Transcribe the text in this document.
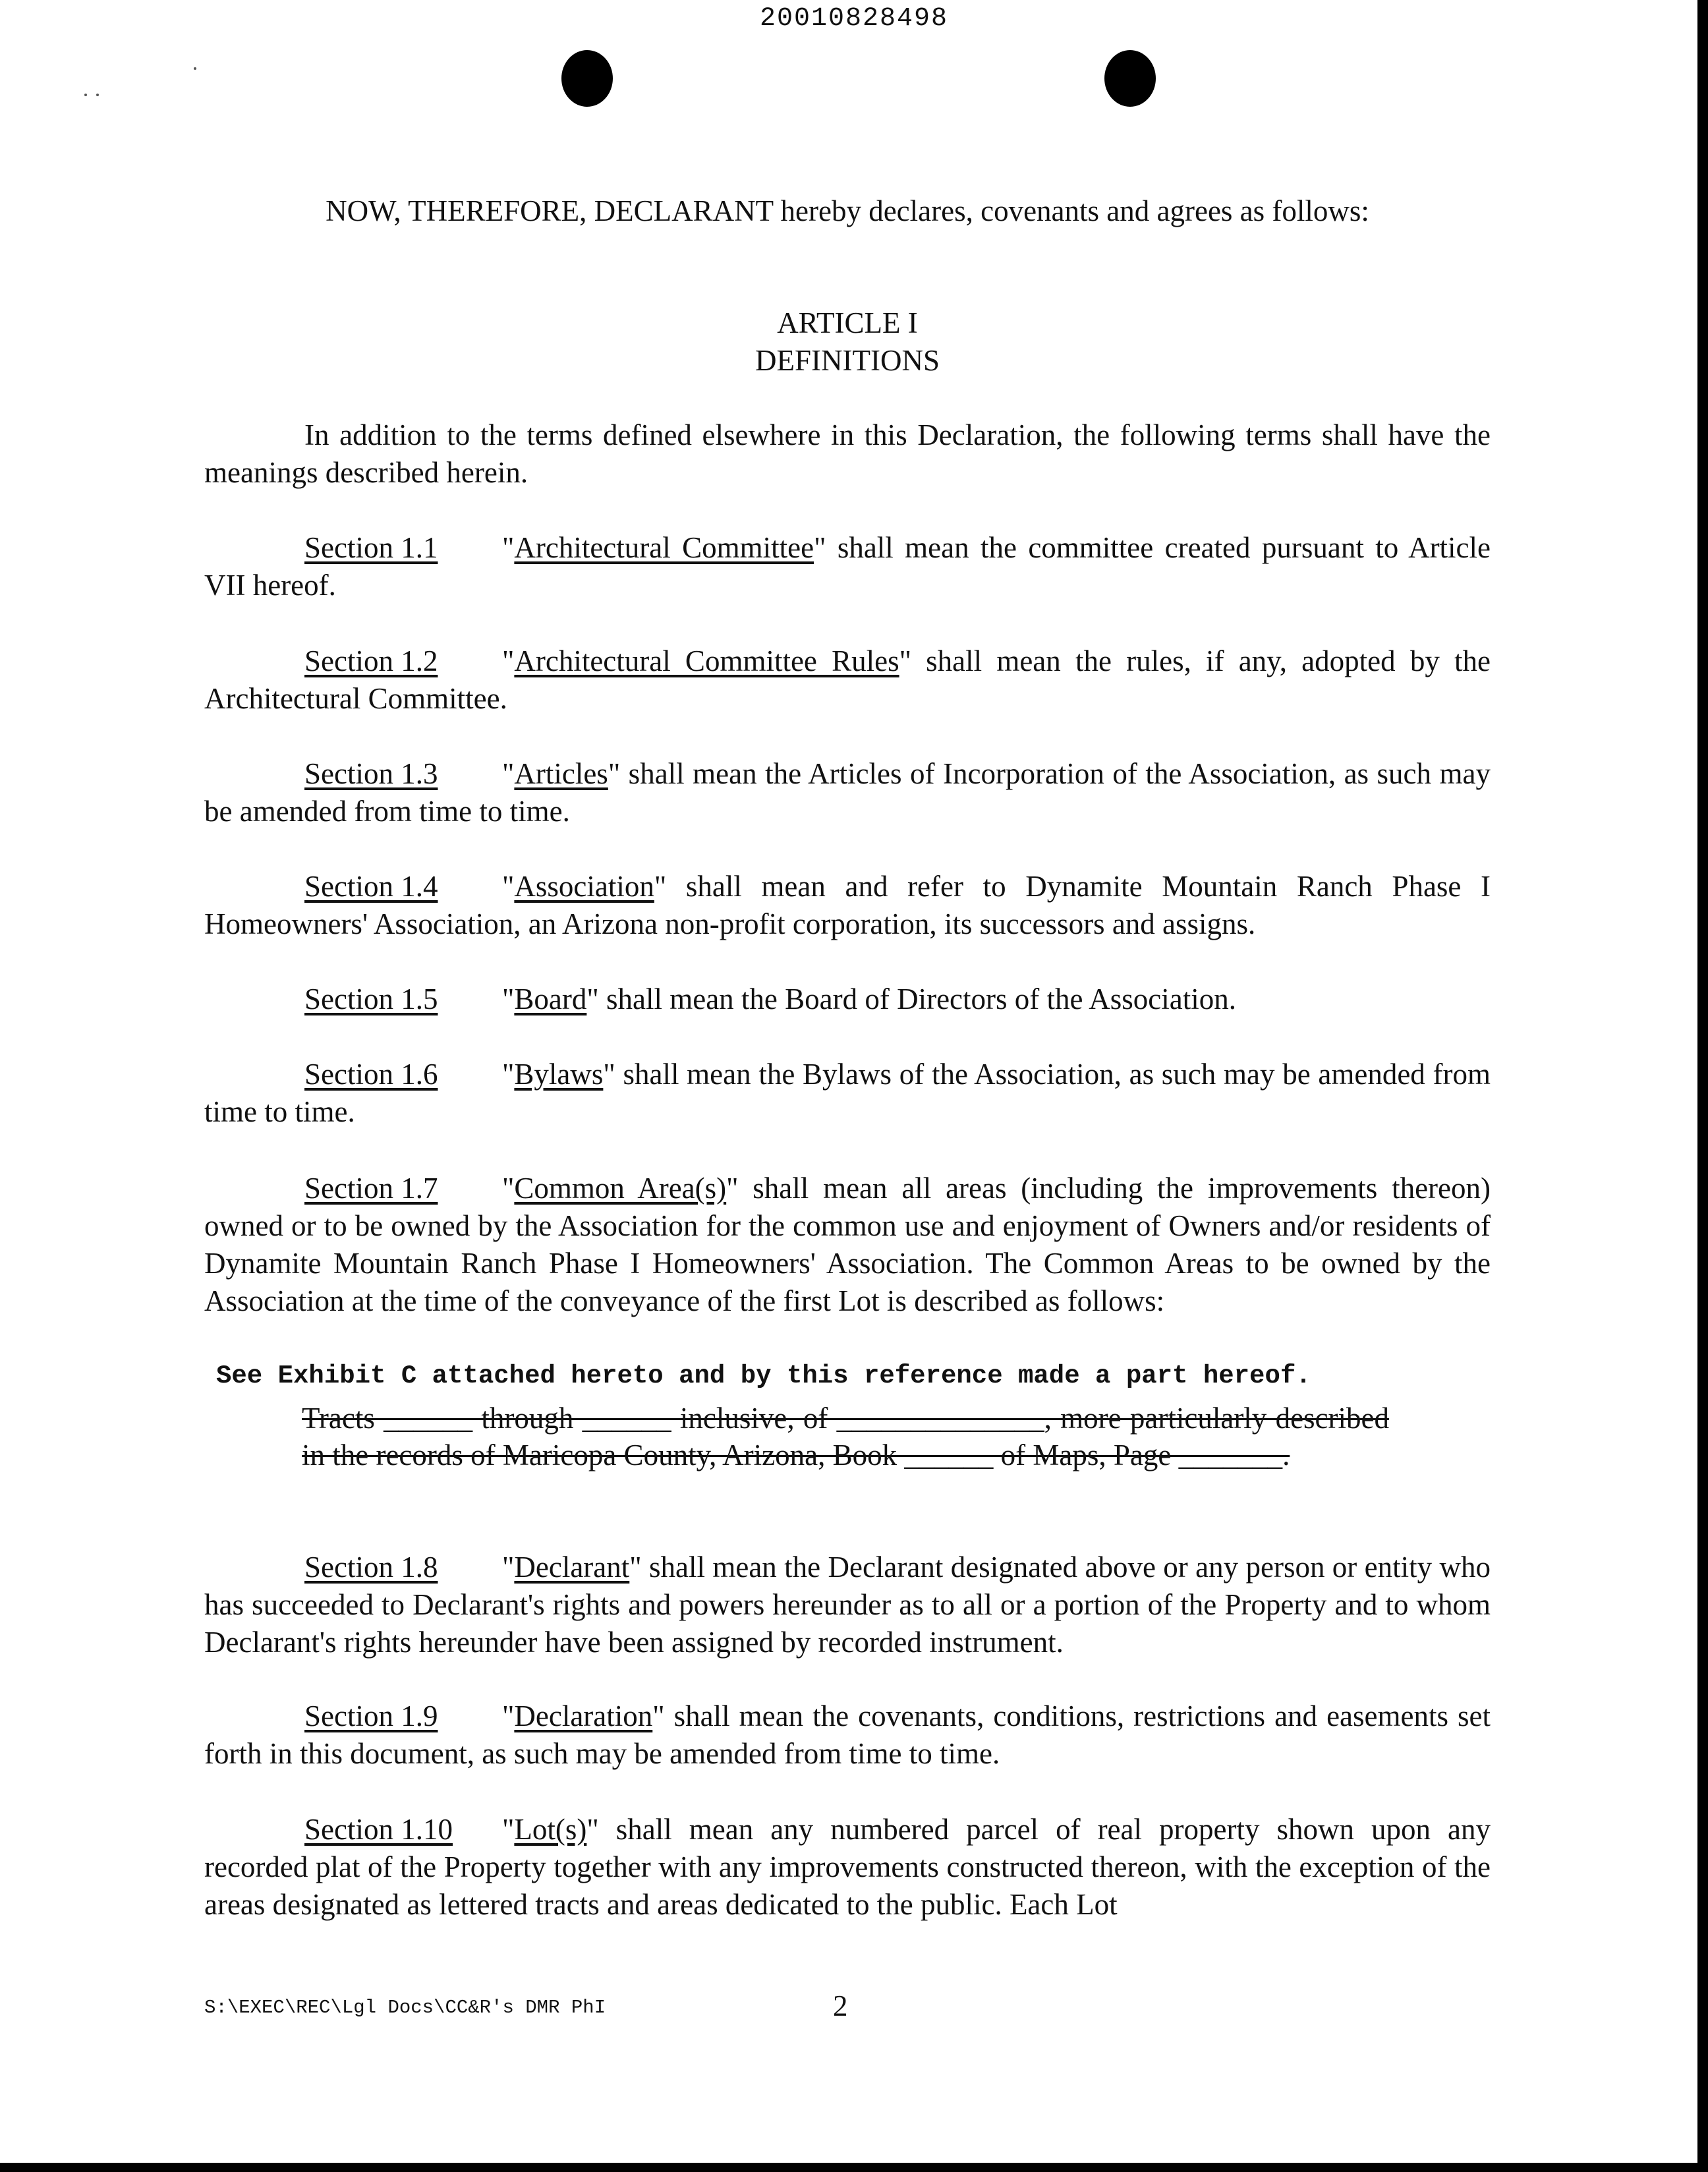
20010828498
NOW, THEREFORE, DECLARANT hereby declares, covenants and agrees as follows:
ARTICLE I
DEFINITIONS
In addition to the terms defined elsewhere in this Declaration, the following terms shall have the meanings described herein.
Section 1.1 "Architectural Committee" shall mean the committee created pursuant to Article VII hereof.
Section 1.2 "Architectural Committee Rules" shall mean the rules, if any, adopted by the Architectural Committee.
Section 1.3 "Articles" shall mean the Articles of Incorporation of the Association, as such may be amended from time to time.
Section 1.4 "Association" shall mean and refer to Dynamite Mountain Ranch Phase I Homeowners' Association, an Arizona non-profit corporation, its successors and assigns.
Section 1.5 "Board" shall mean the Board of Directors of the Association.
Section 1.6 "Bylaws" shall mean the Bylaws of the Association, as such may be amended from time to time.
Section 1.7 "Common Area(s)" shall mean all areas (including the improvements thereon) owned or to be owned by the Association for the common use and enjoyment of Owners and/or residents of Dynamite Mountain Ranch Phase I Homeowners' Association. The Common Areas to be owned by the Association at the time of the conveyance of the first Lot is described as follows:
See Exhibit C attached hereto and by this reference made a part hereof.
Tracts ______ through ______ inclusive, of ______________, more particularly described in the records of Maricopa County, Arizona, Book ______ of Maps, Page _______.
Section 1.8 "Declarant" shall mean the Declarant designated above or any person or entity who has succeeded to Declarant's rights and powers hereunder as to all or a portion of the Property and to whom Declarant's rights hereunder have been assigned by recorded instrument.
Section 1.9 "Declaration" shall mean the covenants, conditions, restrictions and easements set forth in this document, as such may be amended from time to time.
Section 1.10 "Lot(s)" shall mean any numbered parcel of real property shown upon any recorded plat of the Property together with any improvements constructed thereon, with the exception of the areas designated as lettered tracts and areas dedicated to the public. Each Lot
S:\EXEC\REC\Lgl Docs\CC&R's DMR PhI	2
